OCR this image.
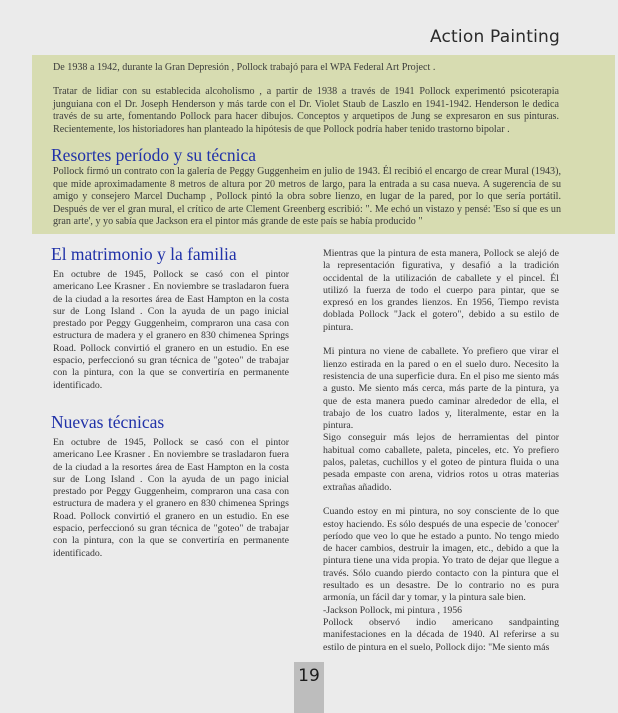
Action Painting
De 1938 a 1942, durante la Gran Depresión , Pollock trabajó para el WPA Federal Art Project .
Tratar de lidiar con su establecida alcoholismo , a partir de 1938 a través de 1941 Pollock experimentó psicoterapia junguiana con el Dr. Joseph Henderson y más tarde con el Dr. Violet Staub de Laszlo en 1941-1942. Henderson le dedica través de su arte, fomentando Pollock para hacer dibujos. Conceptos y arquetipos de Jung se expresaron en sus pinturas. Recientemente, los historiadores han planteado la hipótesis de que Pollock podría haber tenido trastorno bipolar .
Resortes período y su técnica
Pollock firmó un contrato con la galería de Peggy Guggenheim en julio de 1943. Él recibió el encargo de crear Mural (1943), que mide aproximadamente 8 metros de altura por 20 metros de largo, para la entrada a su casa nueva. A sugerencia de su amigo y consejero Marcel Duchamp , Pollock pintó la obra sobre lienzo, en lugar de la pared, por lo que sería portátil. Después de ver el gran mural, el crítico de arte Clement Greenberg escribió: ". Me echó un vistazo y pensé: 'Eso sí que es un gran arte', y yo sabía que Jackson era el pintor más grande de este país se había producido "
El matrimonio y la familia
En octubre de 1945, Pollock se casó con el pintor americano Lee Krasner . En noviembre se trasladaron fuera de la ciudad a la resortes área de East Hampton en la costa sur de Long Island . Con la ayuda de un pago inicial prestado por Peggy Guggenheim, compraron una casa con estructura de madera y el granero en 830 chimenea Springs Road. Pollock convirtió el granero en un estudio. En ese espacio, perfeccionó su gran técnica de "goteo" de trabajar con la pintura, con la que se convertiría en permanente identificado.
Nuevas técnicas
En octubre de 1945, Pollock se casó con el pintor americano Lee Krasner . En noviembre se trasladaron fuera de la ciudad a la resortes área de East Hampton en la costa sur de Long Island . Con la ayuda de un pago inicial prestado por Peggy Guggenheim, compraron una casa con estructura de madera y el granero en 830 chimenea Springs Road. Pollock convirtió el granero en un estudio. En ese espacio, perfeccionó su gran técnica de "goteo" de trabajar con la pintura, con la que se convertiría en permanente identificado.

Mientras que la pintura de esta manera, Pollock se alejó de la representación figurativa, y desafió a la tradición occidental de la utilización de caballete y el pincel. Él utilizó la fuerza de todo el cuerpo para pintar, que se expresó en los grandes lienzos. En 1956, Tiempo revista doblada Pollock "Jack el gotero", debido a su estilo de pintura.

Mi pintura no viene de caballete. Yo prefiero que virar el lienzo estirada en la pared o en el suelo duro. Necesito la resistencia de una superficie dura. En el piso me siento más a gusto. Me siento más cerca, más parte de la pintura, ya que de esta manera puedo caminar alrededor de ella, el trabajo de los cuatro lados y, literalmente, estar en la pintura.

Sigo conseguir más lejos de herramientas del pintor habitual como caballete, paleta, pinceles, etc. Yo prefiero palos, paletas, cuchillos y el goteo de pintura fluida o una pesada empaste con arena, vidrios rotos u otras materias extrañas añadido.

Cuando estoy en mi pintura, no soy consciente de lo que estoy haciendo. Es sólo después de una especie de 'conocer' período que veo lo que he estado a punto. No tengo miedo de hacer cambios, destruir la imagen, etc., debido a que la pintura tiene una vida propia. Yo trato de dejar que llegue a través. Sólo cuando pierdo contacto con la pintura que el resultado es un desastre. De lo contrario no es pura armonía, un fácil dar y tomar, y la pintura sale bien.

-Jackson Pollock, mi pintura , 1956

Pollock observó indio americano sandpainting manifestaciones en la década de 1940. Al referirse a su estilo de pintura en el suelo, Pollock dijo: "Me siento más

19
